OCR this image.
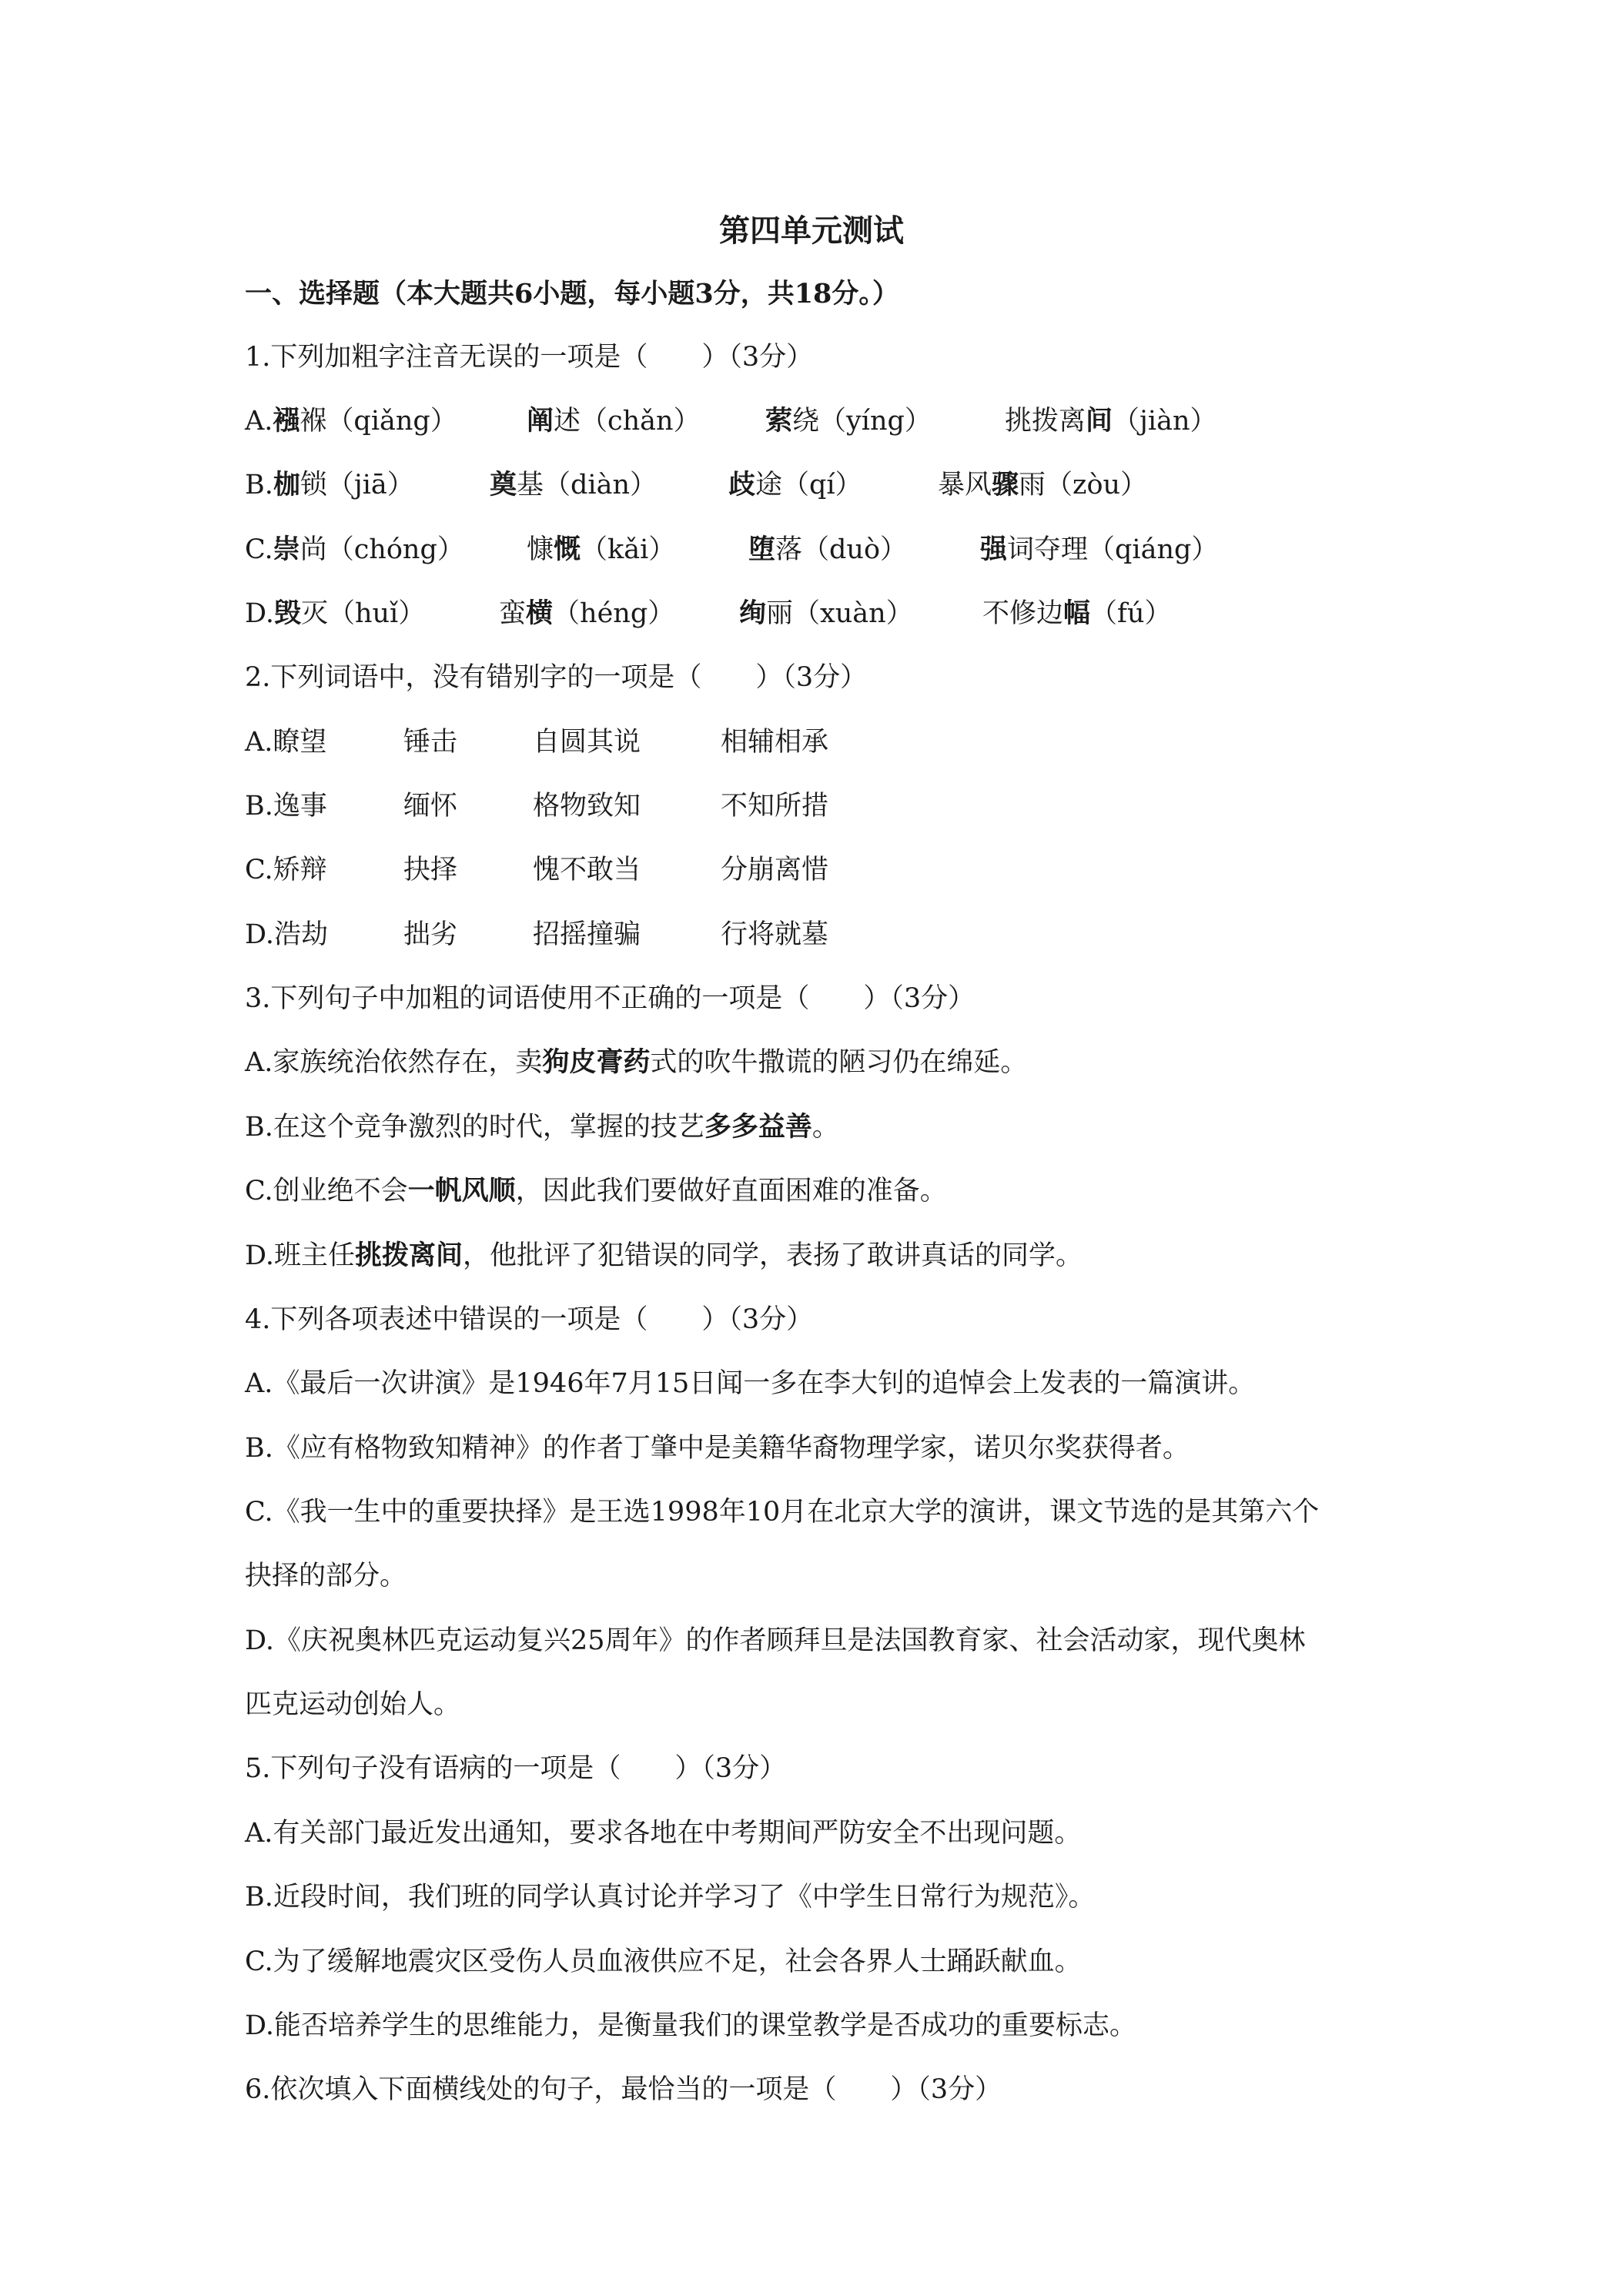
第四单元测试
一、选择题（本大题共6小题，每小题3分，共18分。）
1.下列加粗字注音无误的一项是（　　）（3分）
A.襁褓（qiǎng）	阐述（chǎn） 萦绕（yíng）	挑拨离间（jiàn）
B.枷锁（jiā）	奠基（diàn）	歧途（qí）	暴风骤雨（zòu）
C.崇尚（chóng） 慷慨（kǎi）	堕落（duò）	强词夺理（qiáng）
D.毁灭（huǐ）	蛮横（héng） 绚丽（xuàn）	不修边幅（fú）
2.下列词语中，没有错别字的一项是（　　）（3分）
A.瞭望	锤击	自圆其说	相辅相承
B.逸事	缅怀	格物致知	不知所措
C.矫辩	抉择	愧不敢当	分崩离惜
D.浩劫	拙劣	招摇撞骗	行将就墓
3.下列句子中加粗的词语使用不正确的一项是（　　）（3分）
A.家族统治依然存在，卖狗皮膏药式的吹牛撒谎的陋习仍在绵延。
B.在这个竞争激烈的时代，掌握的技艺多多益善。
C.创业绝不会一帆风顺，因此我们要做好直面困难的准备。
D.班主任挑拨离间，他批评了犯错误的同学，表扬了敢讲真话的同学。
4.下列各项表述中错误的一项是（　　）（3分）
A.《最后一次讲演》是1946年7月15日闻一多在李大钊的追悼会上发表的一篇演讲。
B.《应有格物致知精神》的作者丁肇中是美籍华裔物理学家，诺贝尔奖获得者。
C.《我一生中的重要抉择》是王选1998年10月在北京大学的演讲，课文节选的是其第六个
抉择的部分。
D.《庆祝奥林匹克运动复兴25周年》的作者顾拜旦是法国教育家、社会活动家，现代奥林
匹克运动创始人。
5.下列句子没有语病的一项是（　　）（3分）
A.有关部门最近发出通知，要求各地在中考期间严防安全不出现问题。
B.近段时间，我们班的同学认真讨论并学习了《中学生日常行为规范》。
C.为了缓解地震灾区受伤人员血液供应不足，社会各界人士踊跃献血。
D.能否培养学生的思维能力，是衡量我们的课堂教学是否成功的重要标志。
6.依次填入下面横线处的句子，最恰当的一项是（　　）（3分）
